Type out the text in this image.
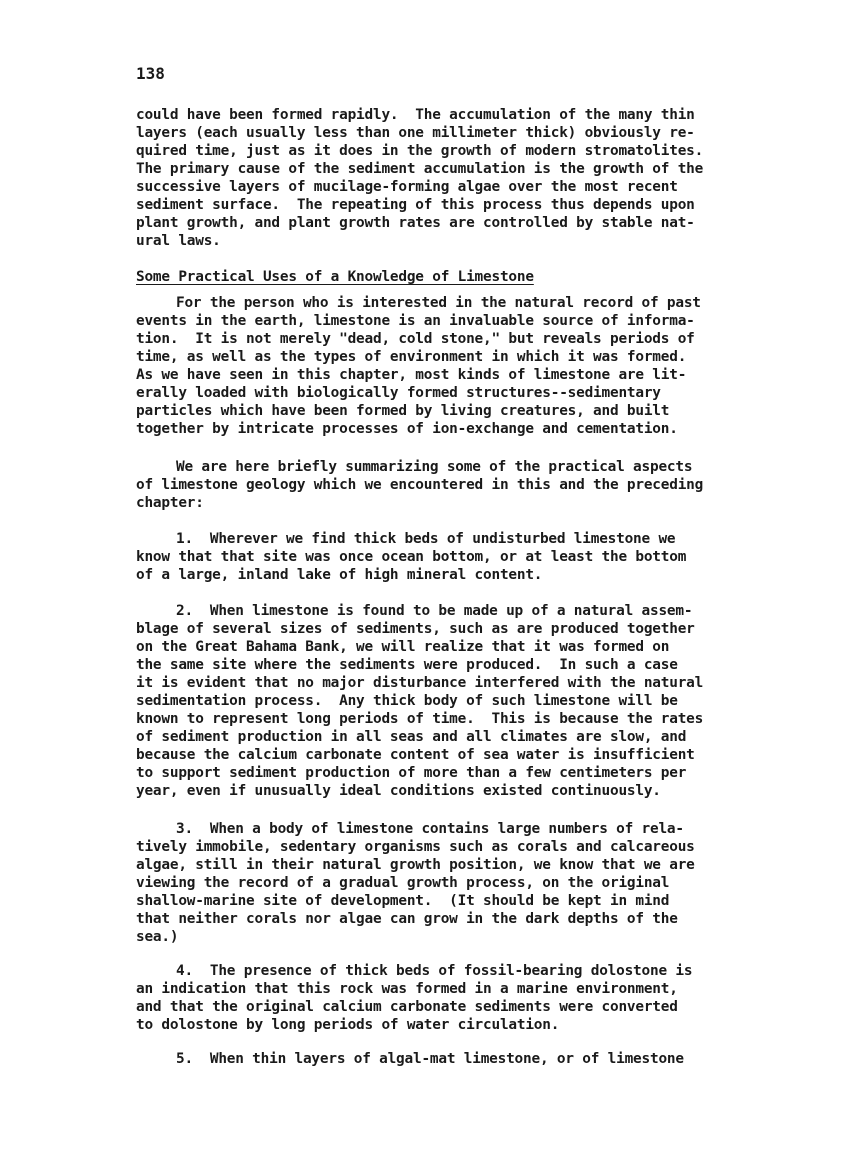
138
could have been formed rapidly.  The accumulation of the many thin
layers (each usually less than one millimeter thick) obviously re-
quired time, just as it does in the growth of modern stromatolites.
The primary cause of the sediment accumulation is the growth of the
successive layers of mucilage-forming algae over the most recent
sediment surface.  The repeating of this process thus depends upon
plant growth, and plant growth rates are controlled by stable nat-
ural laws.
Some Practical Uses of a Knowledge of Limestone
For the person who is interested in the natural record of past
events in the earth, limestone is an invaluable source of informa-
tion.  It is not merely "dead, cold stone," but reveals periods of
time, as well as the types of environment in which it was formed.
As we have seen in this chapter, most kinds of limestone are lit-
erally loaded with biologically formed structures--sedimentary
particles which have been formed by living creatures, and built
together by intricate processes of ion-exchange and cementation.
We are here briefly summarizing some of the practical aspects
of limestone geology which we encountered in this and the preceding
chapter:
1.  Wherever we find thick beds of undisturbed limestone we
know that that site was once ocean bottom, or at least the bottom
of a large, inland lake of high mineral content.
2.  When limestone is found to be made up of a natural assem-
blage of several sizes of sediments, such as are produced together
on the Great Bahama Bank, we will realize that it was formed on
the same site where the sediments were produced.  In such a case
it is evident that no major disturbance interfered with the natural
sedimentation process.  Any thick body of such limestone will be
known to represent long periods of time.  This is because the rates
of sediment production in all seas and all climates are slow, and
because the calcium carbonate content of sea water is insufficient
to support sediment production of more than a few centimeters per
year, even if unusually ideal conditions existed continuously.
3.  When a body of limestone contains large numbers of rela-
tively immobile, sedentary organisms such as corals and calcareous
algae, still in their natural growth position, we know that we are
viewing the record of a gradual growth process, on the original
shallow-marine site of development.  (It should be kept in mind
that neither corals nor algae can grow in the dark depths of the
sea.)
4.  The presence of thick beds of fossil-bearing dolostone is
an indication that this rock was formed in a marine environment,
and that the original calcium carbonate sediments were converted
to dolostone by long periods of water circulation.
5.  When thin layers of algal-mat limestone, or of limestone
